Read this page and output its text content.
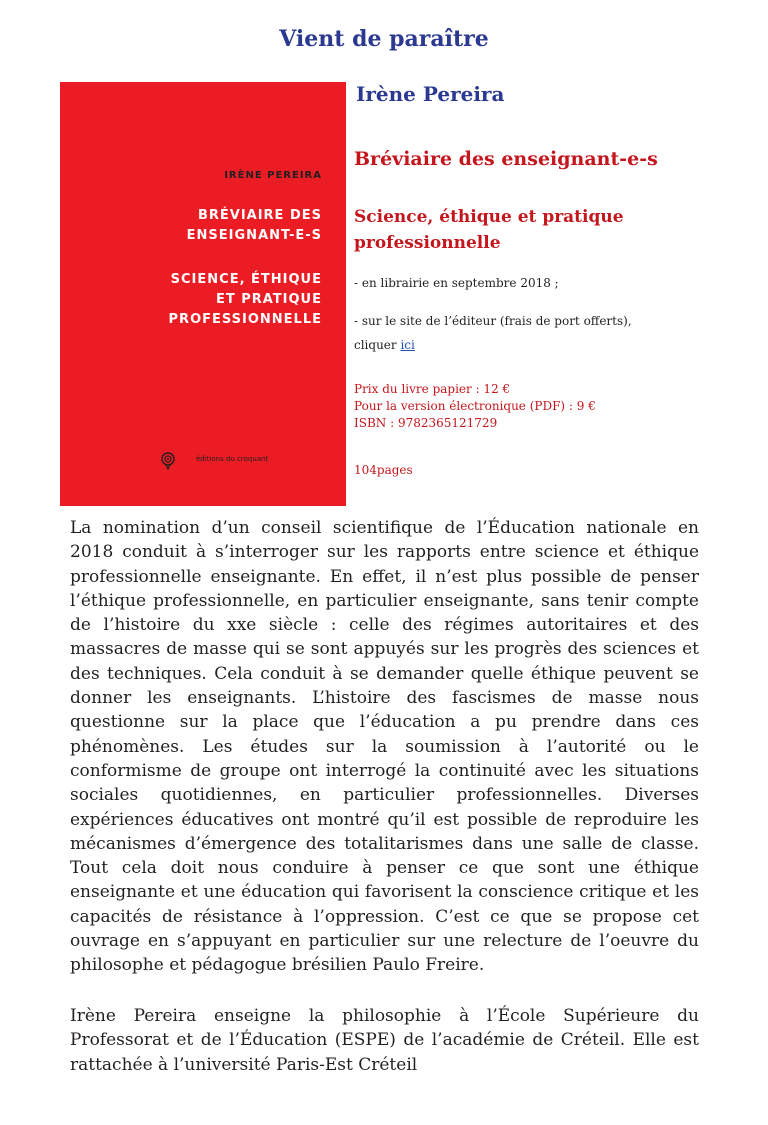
Vient de paraître
IRÈNE PEREIRA
BRÉVIAIRE DES
ENSEIGNANT-E-S
SCIENCE, ÉTHIQUE
ET PRATIQUE
PROFESSIONNELLE
éditions du croquant
Irène Pereira
Bréviaire des enseignant-e-s
Science, éthique et pratique
professionnelle
- en librairie en septembre 2018 ;
- sur le site de l’éditeur (frais de port offerts),
cliquer ici
Prix du livre papier : 12 €
Pour la version électronique (PDF) : 9 €
ISBN : 9782365121729
104pages
La nomination d’un conseil scientifique de l’Éducation nationale en 2018 conduit à s’interroger sur les rapports entre science et éthique professionnelle enseignante. En effet, il n’est plus possible de penser l’éthique professionnelle, en particulier enseignante, sans tenir compte de l’histoire du xxe siècle : celle des régimes autoritaires et des massacres de masse qui se sont appuyés sur les progrès des sciences et des techniques. Cela conduit à se demander quelle éthique peuvent se donner les enseignants. L’histoire des fascismes de masse nous questionne sur la place que l’éducation a pu prendre dans ces phénomènes. Les études sur la soumission à l’autorité ou le conformisme de groupe ont interrogé la continuité avec les situations sociales quotidiennes, en particulier professionnelles. Diverses expériences éducatives ont montré qu’il est possible de reproduire les mécanismes d’émergence des totalitarismes dans une salle de classe. Tout cela doit nous conduire à penser ce que sont une éthique enseignante et une éducation qui favorisent la conscience critique et les capacités de résistance à l’oppression. C’est ce que se propose cet ouvrage en s’appuyant en particulier sur une relecture de l’oeuvre du philosophe et pédagogue brésilien Paulo Freire.
Irène Pereira enseigne la philosophie à l’École Supérieure du Professorat et de l’Éducation (ESPE) de l’académie de Créteil. Elle est rattachée à l’université Paris-Est Créteil
